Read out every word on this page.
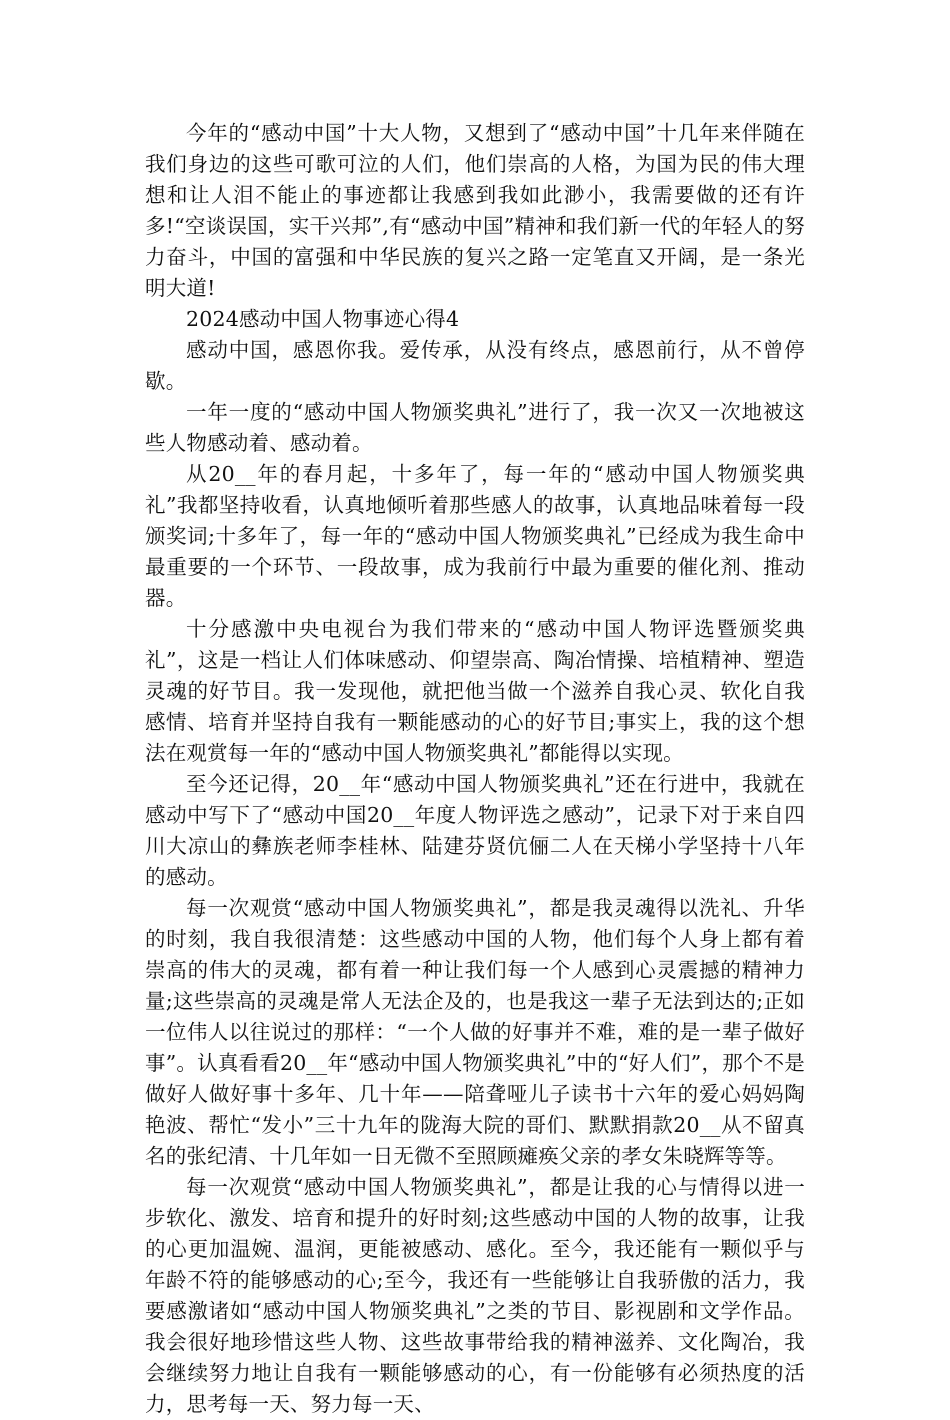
今年的“感动中国”十大人物，又想到了“感动中国”十几年来伴随在我们身边的这些可歌可泣的人们，他们崇高的人格，为国为民的伟大理想和让人泪不能止的事迹都让我感到我如此渺小，我需要做的还有许多!“空谈误国，实干兴邦”,有“感动中国”精神和我们新一代的年轻人的努力奋斗，中国的富强和中华民族的复兴之路一定笔直又开阔，是一条光明大道!

2024感动中国人物事迹心得4

感动中国，感恩你我。爱传承，从没有终点，感恩前行，从不曾停歇。

一年一度的“感动中国人物颁奖典礼”进行了，我一次又一次地被这些人物感动着、感动着。

从20__年的春月起，十多年了，每一年的“感动中国人物颁奖典礼”我都坚持收看，认真地倾听着那些感人的故事，认真地品味着每一段颁奖词;十多年了，每一年的“感动中国人物颁奖典礼”已经成为我生命中最重要的一个环节、一段故事，成为我前行中最为重要的催化剂、推动器。

十分感激中央电视台为我们带来的“感动中国人物评选暨颁奖典礼”，这是一档让人们体味感动、仰望崇高、陶冶情操、培植精神、塑造灵魂的好节目。我一发现他，就把他当做一个滋养自我心灵、软化自我感情、培育并坚持自我有一颗能感动的心的好节目;事实上，我的这个想法在观赏每一年的“感动中国人物颁奖典礼”都能得以实现。

至今还记得，20__年“感动中国人物颁奖典礼”还在行进中，我就在感动中写下了“感动中国20__年度人物评选之感动”，记录下对于来自四川大凉山的彝族老师李桂林、陆建芬贤伉俪二人在天梯小学坚持十八年的感动。

每一次观赏“感动中国人物颁奖典礼”，都是我灵魂得以洗礼、升华的时刻，我自我很清楚：这些感动中国的人物，他们每个人身上都有着崇高的伟大的灵魂，都有着一种让我们每一个人感到心灵震撼的精神力量;这些崇高的灵魂是常人无法企及的，也是我这一辈子无法到达的;正如一位伟人以往说过的那样：“一个人做的好事并不难，难的是一辈子做好事”。认真看看20__年“感动中国人物颁奖典礼”中的“好人们”，那个不是做好人做好事十多年、几十年——陪聋哑儿子读书十六年的爱心妈妈陶艳波、帮忙“发小”三十九年的陇海大院的哥们、默默捐款20__从不留真名的张纪清、十几年如一日无微不至照顾瘫痪父亲的孝女朱晓辉等等。

每一次观赏“感动中国人物颁奖典礼”，都是让我的心与情得以进一步软化、激发、培育和提升的好时刻;这些感动中国的人物的故事，让我的心更加温婉、温润，更能被感动、感化。至今，我还能有一颗似乎与年龄不符的能够感动的心;至今，我还有一些能够让自我骄傲的活力，我要感激诸如“感动中国人物颁奖典礼”之类的节目、影视剧和文学作品。我会很好地珍惜这些人物、这些故事带给我的精神滋养、文化陶冶，我会继续努力地让自我有一颗能够感动的心，有一份能够有必须热度的活力，思考每一天、努力每一天、
